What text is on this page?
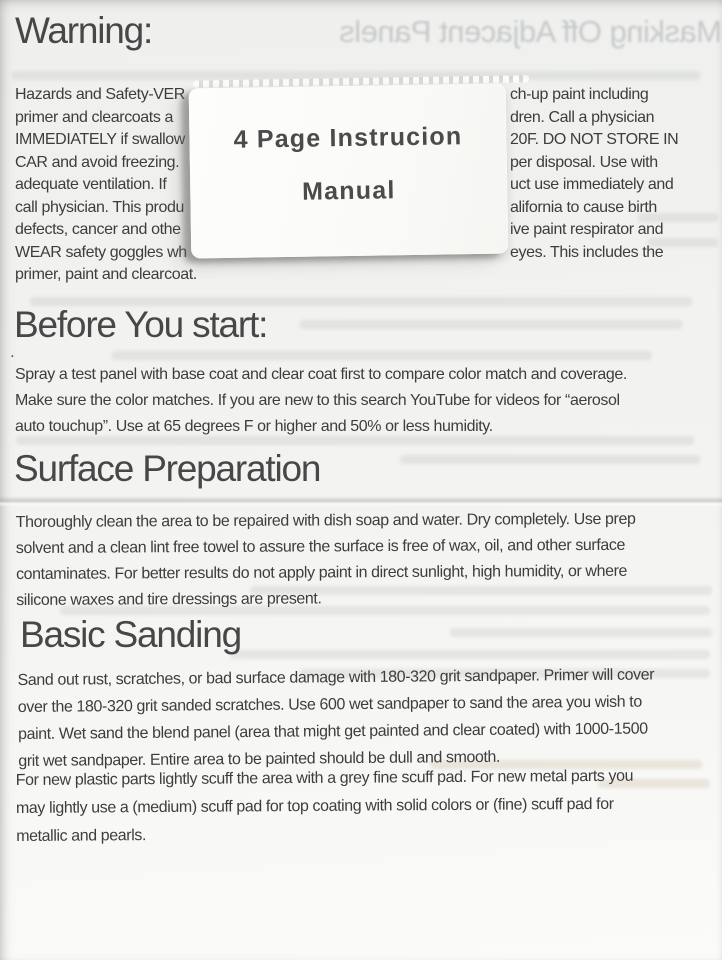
Masking Off Adjacent Panels
Warning:
Hazards and Safety-VER	ch-up paint including
primer and clearcoats a	dren. Call a physician
IMMEDIATELY if swallow	20F. DO NOT STORE IN
CAR and avoid freezing.	per disposal. Use with
adequate ventilation. If	uct use immediately and
call physician. This produ	alifornia to cause birth
defects, cancer and othe	ive paint respirator and
WEAR safety goggles wh	eyes. This includes the
primer, paint and clearcoat.
4 Page Instrucion
Manual
Before You start:
.
Spray a test panel with base coat and clear coat first to compare color match and coverage.
Make sure the color matches. If you are new to this search YouTube for videos for “aerosol
auto touchup”. Use at 65 degrees F or higher and 50% or less humidity.
Surface Preparation
Thoroughly clean the area to be repaired with dish soap and water. Dry completely. Use prep
solvent and a clean lint free towel to assure the surface is free of wax, oil, and other surface
contaminates. For better results do not apply paint in direct sunlight, high humidity, or where
silicone waxes and tire dressings are present.
Basic Sanding
Sand out rust, scratches, or bad surface damage with 180-320 grit sandpaper. Primer will cover
over the 180-320 grit sanded scratches. Use 600 wet sandpaper to sand the area you wish to
paint. Wet sand the blend panel (area that might get painted and clear coated) with 1000-1500
grit wet sandpaper. Entire area to be painted should be dull and smooth.
For new plastic parts lightly scuff the area with a grey fine scuff pad. For new metal parts you
may lightly use a (medium) scuff pad for top coating with solid colors or (fine) scuff pad for
metallic and pearls.
